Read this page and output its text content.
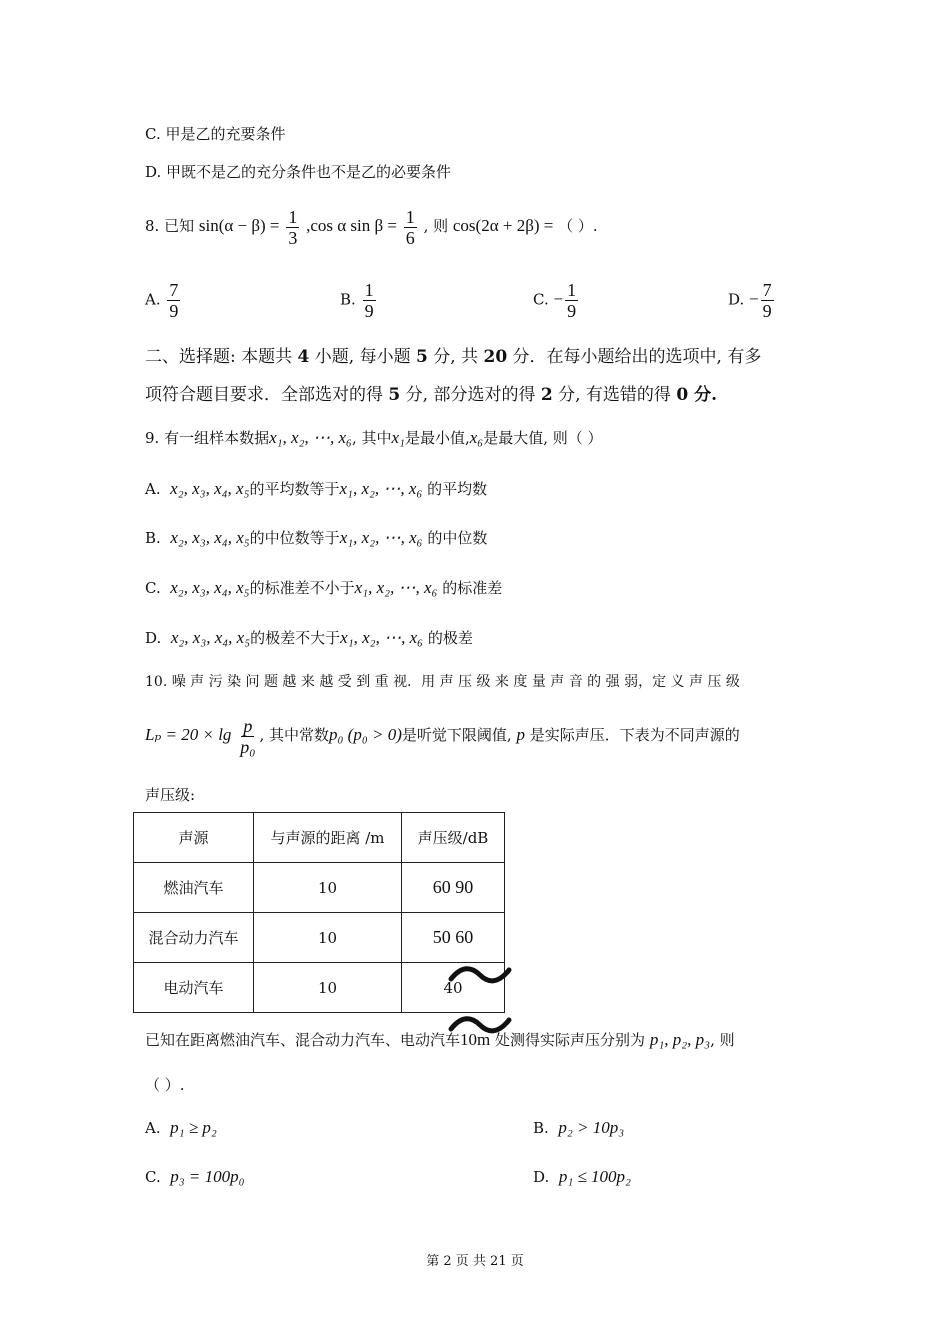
C. 甲是乙的充要条件
D. 甲既不是乙的充分条件也不是乙的必要条件
8. 已知 $\sin(\alpha - \beta) = \frac{1}{3} ,\cos$ α $\sin \beta = \frac{1}{6}$ , 则 cos(2α + 2β) = （ ）.
A. $\frac{7}{9}$	B. $\frac{1}{9}$	C. − $\frac{1}{9}$	D. − $\frac{7}{9}$
二、选择题: 本题共 4 小题, 每小题 5 分, 共 20 分．在每小题给出的选项中, 有多
项符合题目要求．全部选对的得 5 分, 部分选对的得 2 分, 有选错的得 0 分.
9. 有一组样本数据x₁, x₂, ⋯, x₆, 其中x₁是最小值,x₆是最大值, 则（ ）
A. x₂, x₃, x₄, x₅的平均数等于x₁, x₂, ⋯, x₆ 的平均数
B. x₂, x₃, x₄, x₅的中位数等于x₁, x₂, ⋯, x₆ 的中位数
C. x₂, x₃, x₄, x₅的标准差不小于x₁, x₂, ⋯, x₆ 的标准差
D. x₂, x₃, x₄, x₅的极差不大于x₁, x₂, ⋯, x₆ 的极差
10. 噪 声 污 染 问 题 越 来 越 受 到 重 视．用 声 压 级 来 度 量 声 音 的 强 弱，定 义 声 压 级
$L_p = 20 \times \lg \frac{p}{\text{p₀}}$ , 其中常数p₀ (p₀ > 0)是听觉下限阈值, p 是实际声压．下表为不同声源的
声压级:
声源	与声源的距离 /m	声压级/dB
燃油汽车	10	60 90
混合动力汽车	10	50 60
电动汽车	10	40
已知在距离燃油汽车、混合动力汽车、电动汽车10m 处测得实际声压分别为 p₁, p₂, p₃, 则
（ ）.
A. p₁ ≥ p₂	B. p₂ > 10p₃
C. p₃ = 100p₀	D. p₁ ≤ 100p₂
第 2 页 共 21 页
